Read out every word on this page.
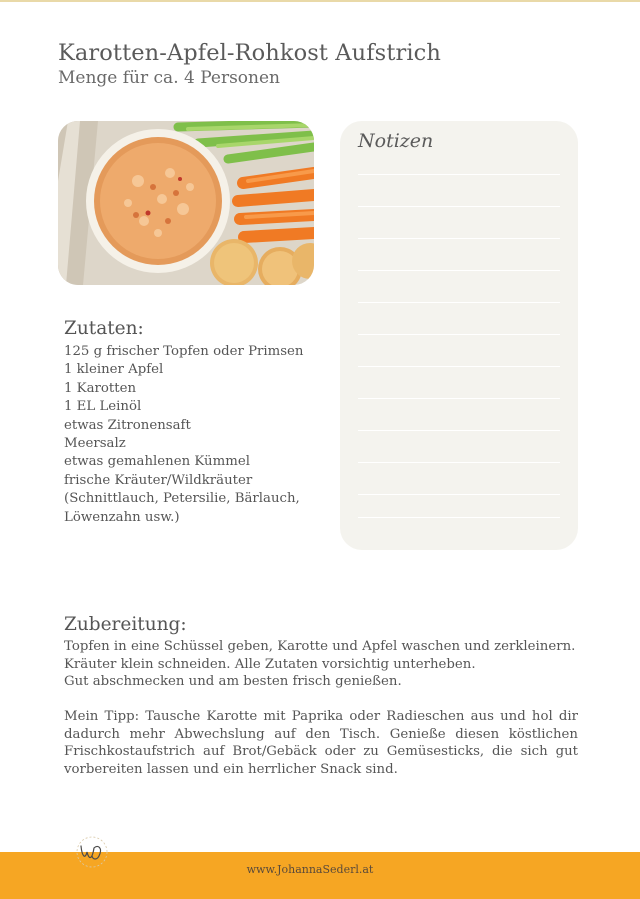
Karotten-Apfel-Rohkost Aufstrich
Menge für ca. 4 Personen
Notizen
Zutaten:
125 g frischer Topfen oder Primsen
1 kleiner Apfel
1 Karotten
1 EL Leinöl
etwas Zitronensaft
Meersalz
etwas gemahlenen Kümmel
frische Kräuter/Wildkräuter
(Schnittlauch, Petersilie, Bärlauch,
Löwenzahn usw.)
Zubereitung:

Topfen in eine Schüssel geben, Karotte und Apfel waschen und zerkleinern.

Kräuter klein schneiden. Alle Zutaten vorsichtig unterheben.

Gut abschmecken und am besten frisch genießen.

Mein Tipp: Tausche Karotte mit Paprika oder Radieschen aus und hol dir dadurch mehr Abwechslung auf den Tisch. Genieße diesen köstlichen Frischkostaufstrich auf Brot/Gebäck oder zu Gemüsesticks, die sich gut vorbereiten lassen und ein herrlicher Snack sind.
www.JohannaSederl.at
